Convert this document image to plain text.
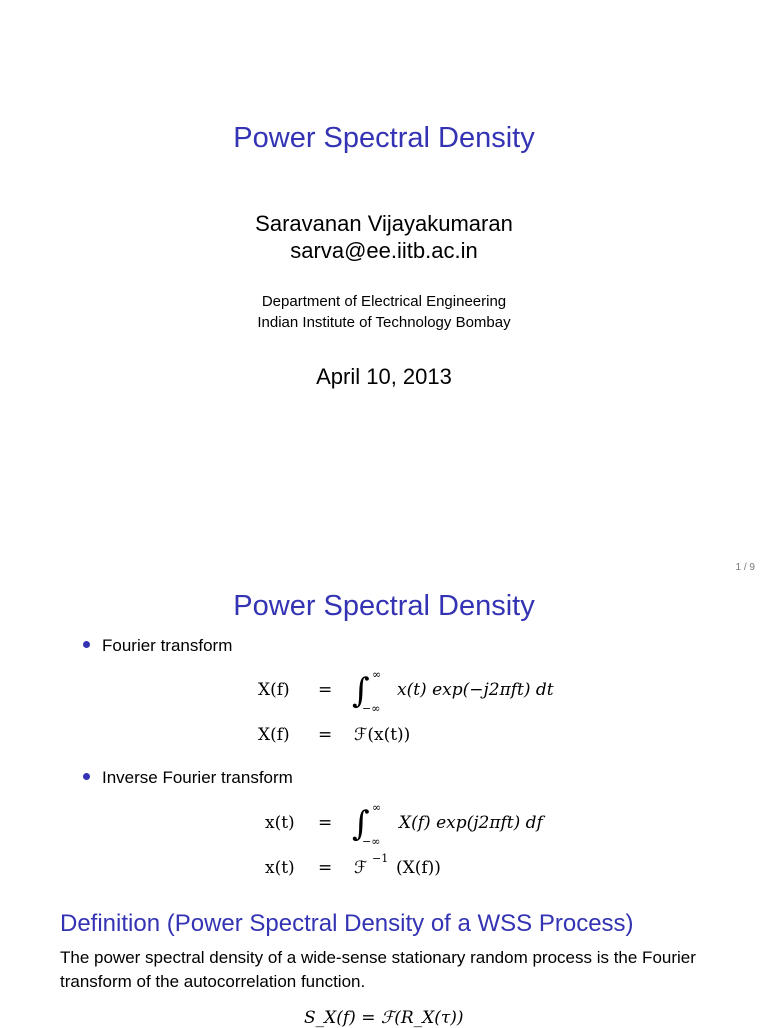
Power Spectral Density
Saravanan Vijayakumaran
sarva@ee.iitb.ac.in
Department of Electrical Engineering
Indian Institute of Technology Bombay
April 10, 2013
1 / 9
Power Spectral Density
Fourier transform
X(f) = ∫ ∞
−∞
x(t) exp(−j2πft) dt
X(f) = ℱ(x(t))
Inverse Fourier transform
x(t) = ∫ ∞
−∞
X(f) exp(j2πft) df
x(t) = ℱ −1 (X(f))
Definition (Power Spectral Density of a WSS Process)
The power spectral density of a wide-sense stationary random process is the Fourier transform of the autocorrelation function.
S_X(f) = ℱ(R_X(τ))
